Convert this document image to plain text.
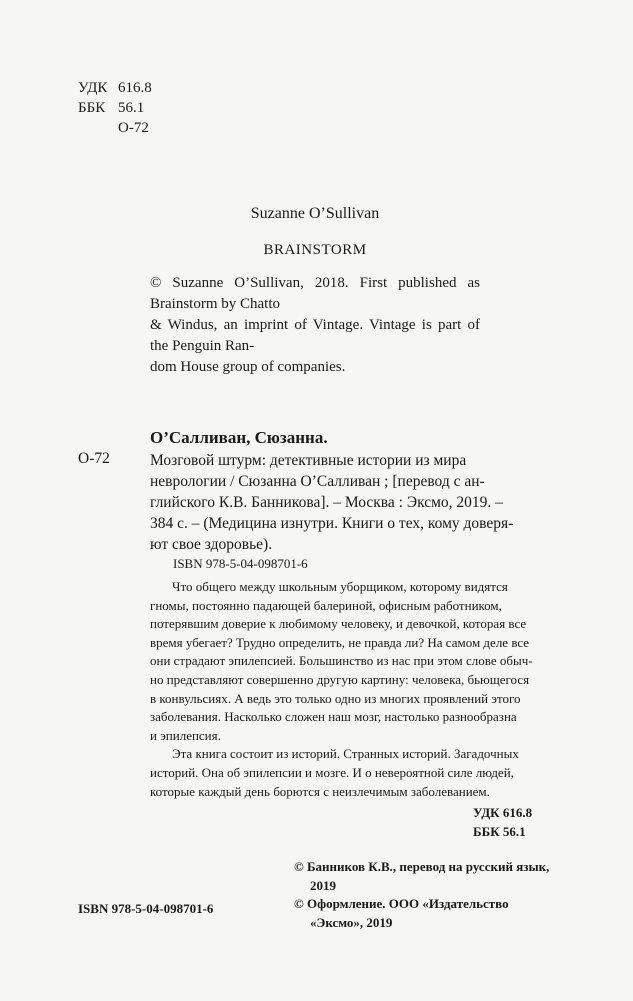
УДК 616.8
ББК 56.1
О-72
Suzanne O’Sullivan
BRAINSTORM
© Suzanne O’Sullivan, 2018. First published as Brainstorm by Chatto
& Windus, an imprint of Vintage. Vintage is part of the Penguin Ran-
dom House group of companies.
О’Салливан, Сюзанна.
О-72	Мозговой штурм: детективные истории из мира
неврологии / Сюзанна О’Салливан ; [перевод с ан-
глийского К.В. Банникова]. – Москва : Эксмо, 2019. –
384 с. – (Медицина изнутри. Книги о тех, кому доверя-
ют свое здоровье).
ISBN 978-5-04-098701-6
Что общего между школьным уборщиком, которому видятся
гномы, постоянно падающей балериной, офисным работником,
потерявшим доверие к любимому человеку, и девочкой, которая все
время убегает? Трудно определить, не правда ли? На самом деле все
они страдают эпилепсией. Большинство из нас при этом слове обыч-
но представляют совершенно другую картину: человека, бьющегося
в конвульсиях. А ведь это только одно из многих проявлений этого
заболевания. Насколько сложен наш мозг, настолько разнообразна
и эпилепсия.
Эта книга состоит из историй. Странных историй. Загадочных
историй. Она об эпилепсии и мозге. И о невероятной силе людей,
которые каждый день борются с неизлечимым заболеванием.
УДК 616.8
ББК 56.1
ISBN 978-5-04-098701-6
© Банников К.В., перевод на русский язык,
2019
© Оформление. ООО «Издательство
«Эксмо», 2019
